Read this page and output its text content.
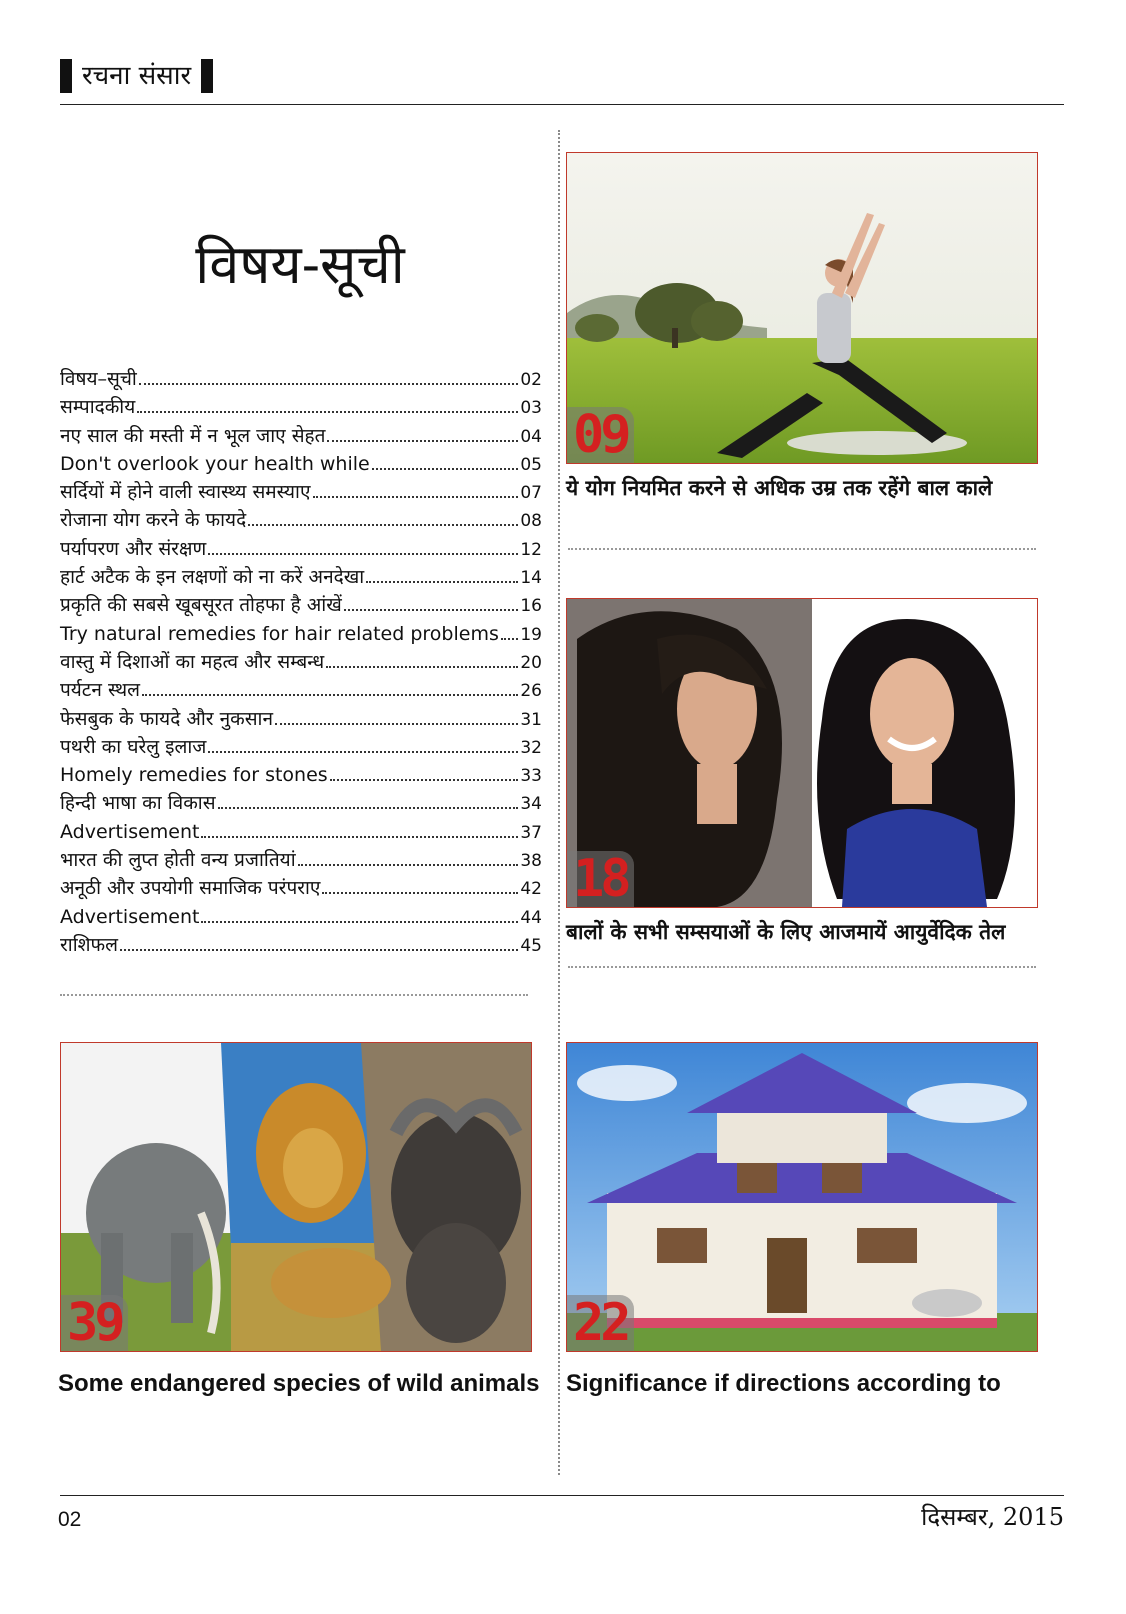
रचना संसार
विषय-सूची
विषय–सूची	02
सम्पादकीय	03
नए साल की मस्ती में न भूल जाए सेहत	04
Don't overlook your health while	05
सर्दियों में होने वाली स्वास्थ्य समस्याए	07
रोजाना योग करने के फायदे	08
पर्यापरण और संरक्षण	12
हार्ट अटैक के इन लक्षणों को ना करें अनदेखा	14
प्रकृति की सबसे खूबसूरत तोहफा है आंखें	16
Try natural remedies for hair related problems 19
वास्तु में दिशाओं का महत्व और सम्बन्ध	20
पर्यटन स्थल	26
फेसबुक के फायदे और नुकसान	31
पथरी का घरेलु इलाज	32
Homely remedies for stones	33
हिन्दी भाषा का विकास	34
Advertisement	37
भारत की लुप्त होती वन्य प्रजातियां	38
अनूठी और उपयोगी समाजिक परंपराए	42
Advertisement	44
राशिफल	45
09
ये योग नियमित करने से अधिक उम्र तक रहेंगे बाल काले
18
बालों के सभी सम्सयाओं के लिए आजमायें आयुर्वेदिक तेल
39
Some endangered species of wild animals
22
Significance if directions according to
02	दिसम्बर, 2015
